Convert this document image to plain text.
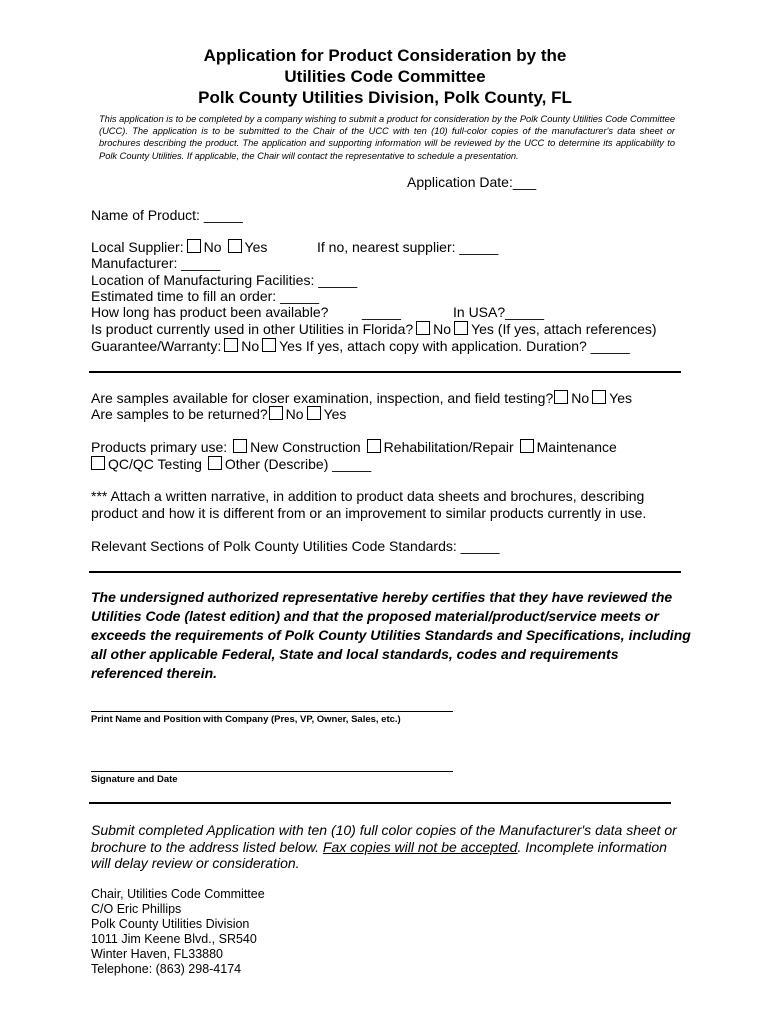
Application for Product Consideration by the
Utilities Code Committee
Polk County Utilities Division, Polk County, FL
This application is to be completed by a company wishing to submit a product for consideration by the Polk County Utilities Code Committee (UCC). The application is to be submitted to the Chair of the UCC with ten (10) full-color copies of the manufacturer's data sheet or brochures describing the product. The application and supporting information will be reviewed by the UCC to determine its applicability to Polk County Utilities. If applicable, the Chair will contact the representative to schedule a presentation.
Application Date:___
Name of Product: _____
Local Supplier: No Yes	If no, nearest supplier: _____
Manufacturer: _____
Location of Manufacturing Facilities: _____
Estimated time to fill an order: _____
How long has product been available? _____	In USA?_____
Is product currently used in other Utilities in Florida? No Yes (If yes, attach references)
Guarantee/Warranty: No Yes If yes, attach copy with application. Duration? _____
Are samples available for closer examination, inspection, and field testing? No Yes
Are samples to be returned? No Yes
Products primary use: New Construction Rehabilitation/Repair Maintenance
QC/QC Testing Other (Describe) _____
*** Attach a written narrative, in addition to product data sheets and brochures, describing
product and how it is different from or an improvement to similar products currently in use.
Relevant Sections of Polk County Utilities Code Standards: _____
The undersigned authorized representative hereby certifies that they have reviewed the Utilities Code (latest edition) and that the proposed material/product/service meets or exceeds the requirements of Polk County Utilities Standards and Specifications, including all other applicable Federal, State and local standards, codes and requirements referenced therein.
Print Name and Position with Company (Pres, VP, Owner, Sales, etc.)
Signature and Date
Submit completed Application with ten (10) full color copies of the Manufacturer's data sheet or brochure to the address listed below. Fax copies will not be accepted. Incomplete information will delay review or consideration.
Chair, Utilities Code Committee
C/O Eric Phillips
Polk County Utilities Division
1011 Jim Keene Blvd., SR540
Winter Haven, FL33880
Telephone: (863) 298-4174
